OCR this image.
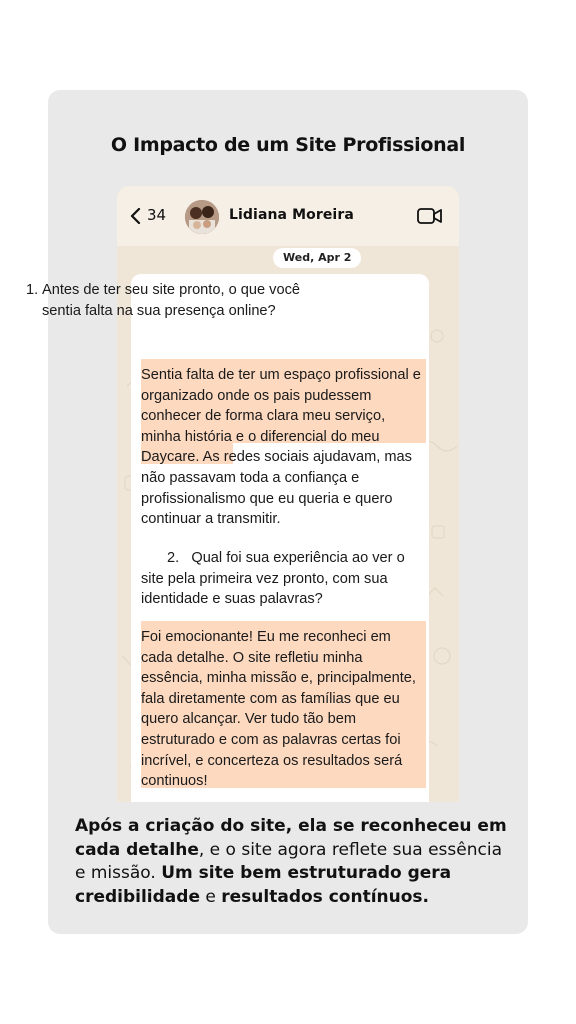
O Impacto de um Site Profissional
34	Lidiana Moreira
Wed, Apr 2
1. Antes de ter seu site pronto, o que você sentia falta na sua presença online?
Sentia falta de ter um espaço profissional e organizado onde os pais pudessem conhecer de forma clara meu serviço, minha história e o diferencial do meu Daycare. As redes sociais ajudavam, mas não passavam toda a confiança e profissionalismo que eu queria e quero continuar a transmitir.
2. Qual foi sua experiência ao ver o site pela primeira vez pronto, com sua identidade e suas palavras?
Foi emocionante! Eu me reconheci em cada detalhe. O site refletiu minha essência, minha missão e, principalmente, fala diretamente com as famílias que eu quero alcançar. Ver tudo tão bem estruturado e com as palavras certas foi incrível, e concerteza os resultados será continuos!
Após a criação do site, ela se reconheceu em cada detalhe, e o site agora reflete sua essência e missão. Um site bem estruturado gera credibilidade e resultados contínuos.
